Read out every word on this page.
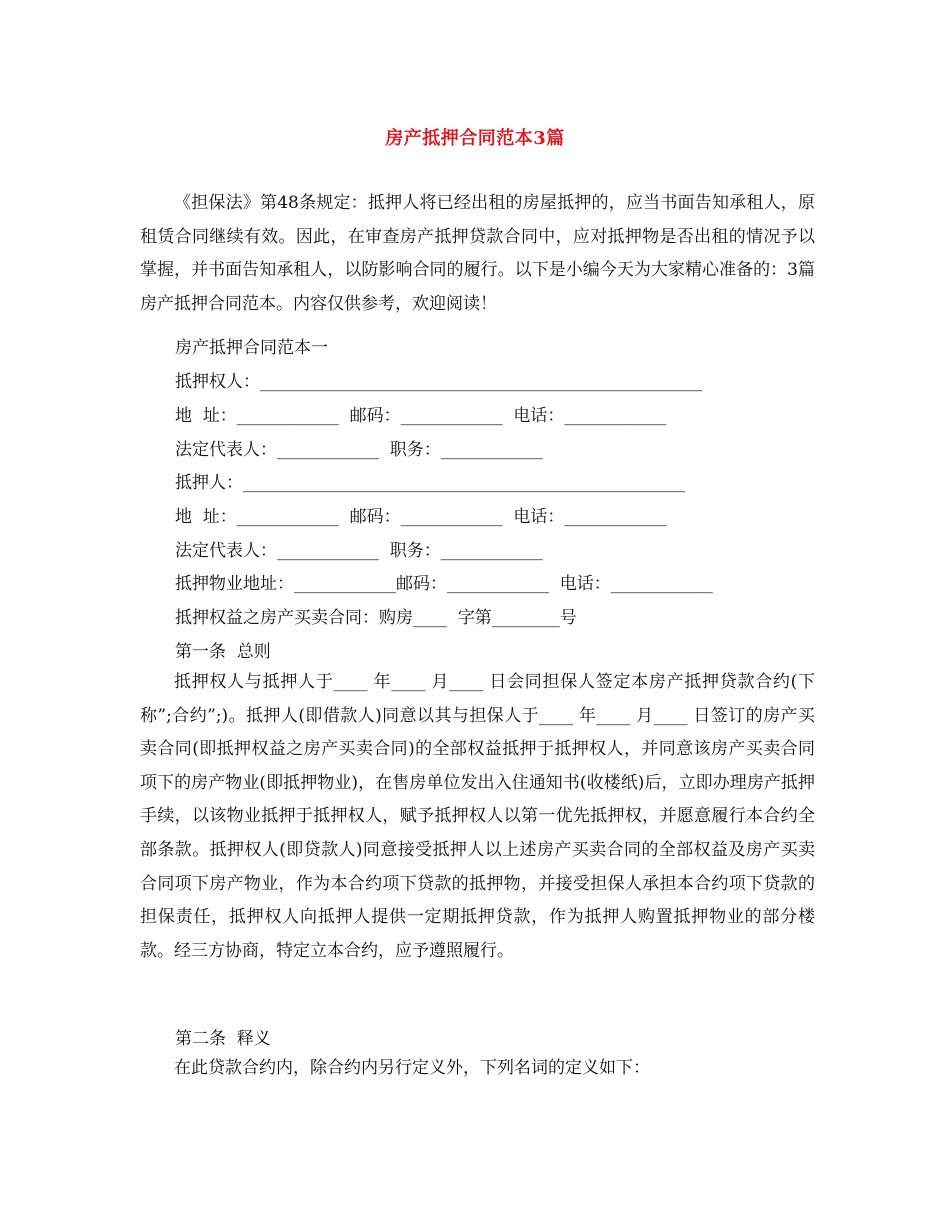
房产抵押合同范本3篇

《担保法》第48条规定：抵押人将已经出租的房屋抵押的，应当书面告知承租人，原租赁合同继续有效。因此，在审查房产抵押贷款合同中，应对抵押物是否出租的情况予以掌握，并书面告知承租人，以防影响合同的履行。以下是小编今天为大家精心准备的：3篇房产抵押合同范本。内容仅供参考，欢迎阅读！

房产抵押合同范本一
抵押权人：____________________________________________________
地  址：____________  邮码：____________  电话：____________
法定代表人：____________  职务：____________
抵押人：____________________________________________________
地  址：____________  邮码：____________  电话：____________
法定代表人：____________  职务：____________
抵押物业地址：____________邮码：____________  电话：____________
抵押权益之房产买卖合同：购房____  字第________号
第一条  总则

抵押权人与抵押人于____ 年____ 月____ 日会同担保人签定本房产抵押贷款合约(下称”;合约”;)。抵押人(即借款人)同意以其与担保人于____ 年____ 月____ 日签订的房产买卖合同(即抵押权益之房产买卖合同)的全部权益抵押于抵押权人，并同意该房产买卖合同项下的房产物业(即抵押物业)，在售房单位发出入住通知书(收楼纸)后，立即办理房产抵押手续，以该物业抵押于抵押权人，赋予抵押权人以第一优先抵押权，并愿意履行本合约全部条款。抵押权人(即贷款人)同意接受抵押人以上述房产买卖合同的全部权益及房产买卖合同项下房产物业，作为本合约项下贷款的抵押物，并接受担保人承担本合约项下贷款的担保责任，抵押权人向抵押人提供一定期抵押贷款，作为抵押人购置抵押物业的部分楼款。经三方协商，特定立本合约，应予遵照履行。

第二条  释义

在此贷款合约内，除合约内另行定义外，下列名词的定义如下：
